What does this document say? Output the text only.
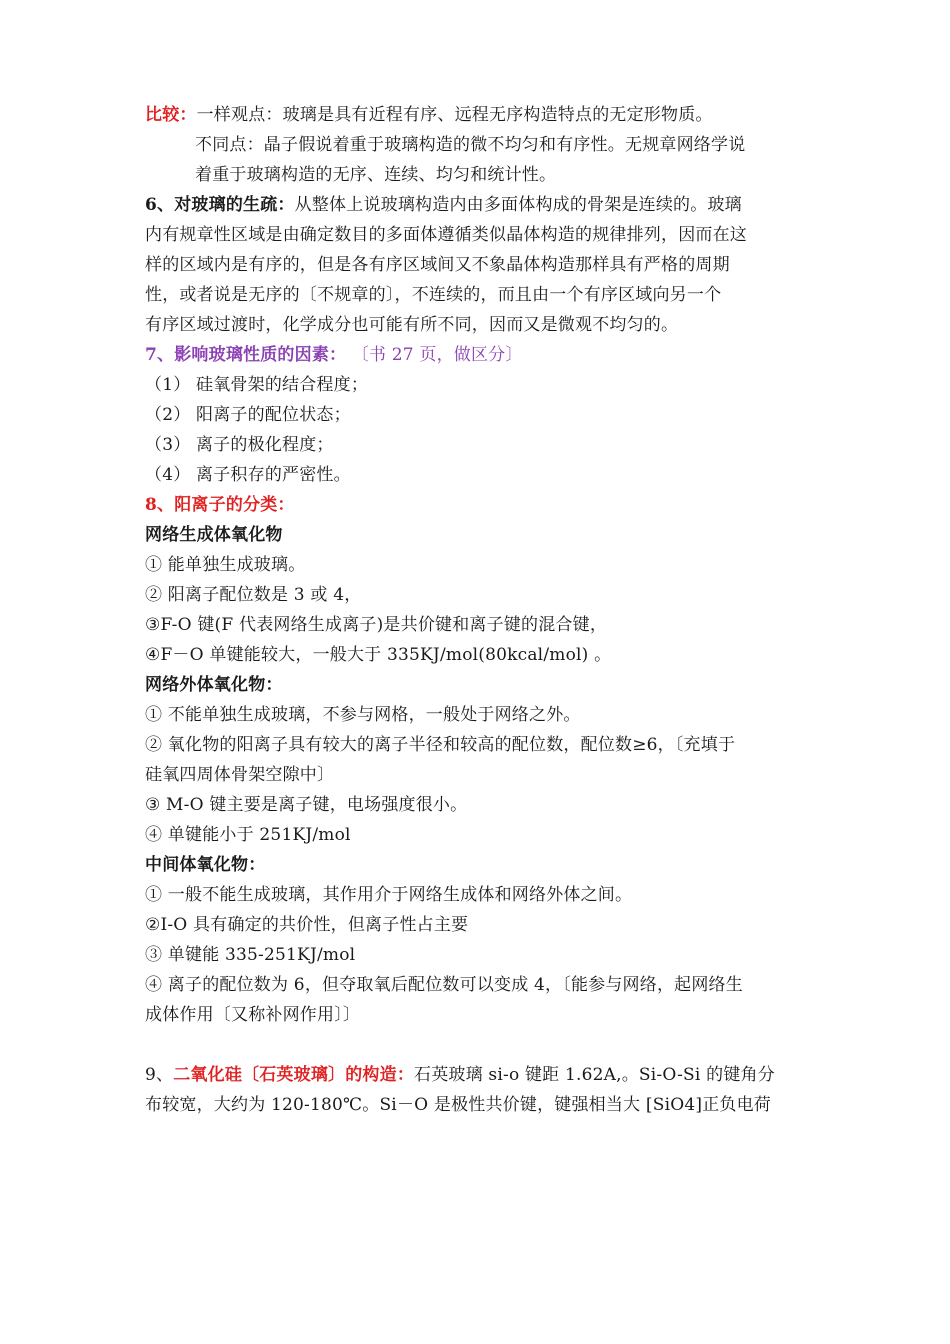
比较：一样观点：玻璃是具有近程有序、远程无序构造特点的无定形物质。
不同点：晶子假说着重于玻璃构造的微不均匀和有序性。无规章网络学说
着重于玻璃构造的无序、连续、均匀和统计性。
6、对玻璃的生疏：从整体上说玻璃构造内由多面体构成的骨架是连续的。玻璃
内有规章性区域是由确定数目的多面体遵循类似晶体构造的规律排列，因而在这
样的区域内是有序的，但是各有序区域间又不象晶体构造那样具有严格的周期
性，或者说是无序的〔不规章的〕，不连续的，而且由一个有序区域向另一个
有序区域过渡时，化学成分也可能有所不同，因而又是微观不均匀的。
7、影响玻璃性质的因素： 〔书 27 页，做区分〕
（1） 硅氧骨架的结合程度；
（2） 阳离子的配位状态；
（3） 离子的极化程度；
（4） 离子积存的严密性。
8、阳离子的分类：
网络生成体氧化物
① 能单独生成玻璃。
② 阳离子配位数是 3 或 4，
③F-O 键(F 代表网络生成离子)是共价键和离子键的混合键，
④F－O 单键能较大，一般大于 335KJ/mol(80kcal/mol) 。
网络外体氧化物：
① 不能单独生成玻璃，不参与网格，一般处于网络之外。
② 氧化物的阳离子具有较大的离子半径和较高的配位数，配位数≥6，〔充填于
硅氧四周体骨架空隙中〕
③ M-O 键主要是离子键，电场强度很小。
④ 单键能小于 251KJ/mol
中间体氧化物：
① 一般不能生成玻璃，其作用介于网络生成体和网络外体之间。
②I-O 具有确定的共价性，但离子性占主要
③ 单键能 335-251KJ/mol
④ 离子的配位数为 6，但夺取氧后配位数可以变成 4，〔能参与网络，起网络生
成体作用〔又称补网作用〕〕
9、二氧化硅〔石英玻璃〕的构造：石英玻璃 si-o 键距 1.62A,。Si-O-Si 的键角分
布较宽，大约为 120-180℃。Si－O 是极性共价键，键强相当大 [SiO4]正负电荷
